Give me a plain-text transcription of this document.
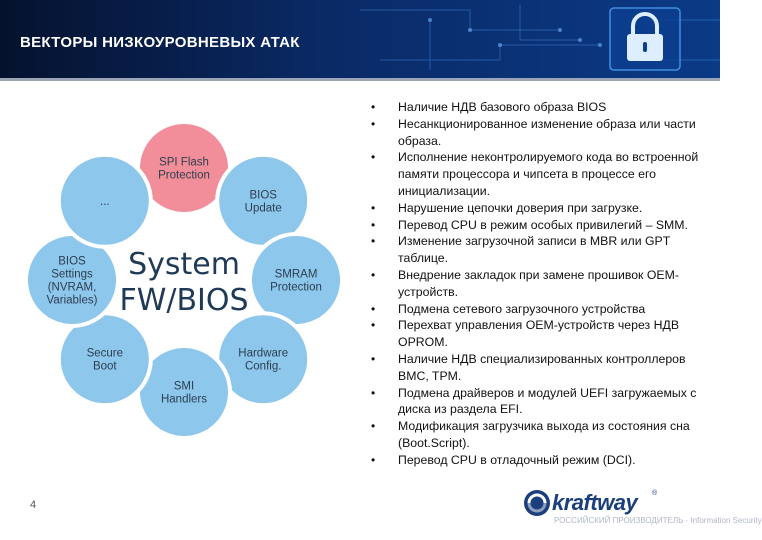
ВЕКТОРЫ НИЗКОУРОВНЕВЫХ АТАК
SPI Flash
Protection
BIOS
Update
SMRAM
Protection
Hardware
Config.
SMI
Handlers
Secure
Boot
BIOS
Settings
(NVRAM,
Variables)
...
System
FW/BIOS
• Наличие НДВ базового образа BIOS
• Несанкционированное изменение образа или части образа.
• Исполнение неконтролируемого кода во встроенной памяти процессора и чипсета в процессе его инициализации.
• Нарушение цепочки доверия при загрузке.
• Перевод CPU в режим особых привилегий – SMM.
• Изменение загрузочной записи в MBR или GPT таблице.
• Внедрение закладок при замене прошивок OEM-устройств.
• Подмена сетевого загрузочного устройства
• Перехват управления OEM-устройств через НДВ OPROM.
• Наличие НДВ специализированных контроллеров BMC, TPM.
• Подмена драйверов и модулей UEFI загружаемых с диска из раздела EFI.
• Модификация загрузчика выхода из состояния сна (Boot.Script).
• Перевод CPU в отладочный режим (DCI).
4	kraftway ®
РОССИЙСКИЙ ПРОИЗВОДИТЕЛЬ · Information Security
